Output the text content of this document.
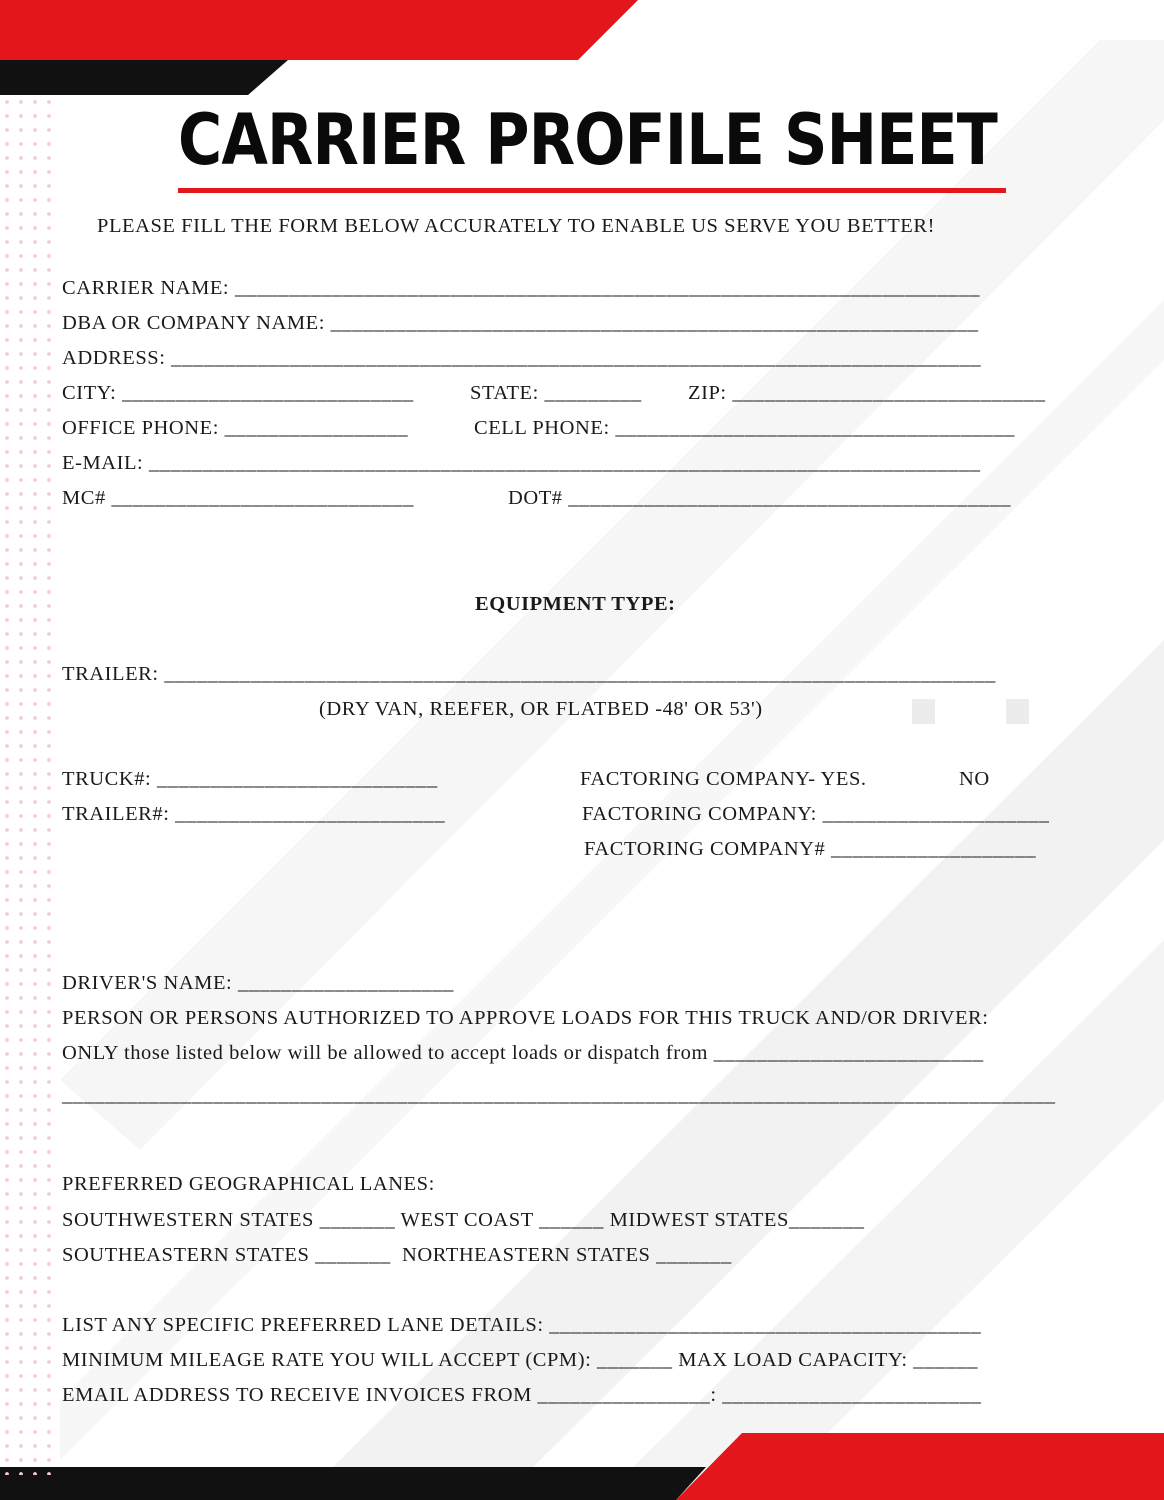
CARRIER PROFILE SHEET
PLEASE FILL THE FORM BELOW ACCURATELY TO ENABLE US SERVE YOU BETTER!
CARRIER NAME: _____________________________________________________________________
DBA OR COMPANY NAME: ____________________________________________________________
ADDRESS: ___________________________________________________________________________
CITY: ___________________________	STATE: _________ ZIP: _____________________________
OFFICE PHONE: _________________	CELL PHONE: _____________________________________
E-MAIL: _____________________________________________________________________________
MC# ____________________________	DOT# _________________________________________
EQUIPMENT TYPE:
TRAILER: _____________________________________________________________________________
(DRY VAN, REEFER, OR FLATBED -48' OR 53')
TRUCK#: __________________________
TRAILER#: _________________________
FACTORING COMPANY- YES.	NO
FACTORING COMPANY: _____________________
FACTORING COMPANY# ___________________
DRIVER'S NAME: ____________________
PERSON OR PERSONS AUTHORIZED TO APPROVE LOADS FOR THIS TRUCK AND/OR DRIVER:
ONLY those listed below will be allowed to accept loads or dispatch from _________________________
____________________________________________________________________________________________
PREFERRED GEOGRAPHICAL LANES:
SOUTHWESTERN STATES _______ WEST COAST ______ MIDWEST STATES_______
SOUTHEASTERN STATES _______  NORTHEASTERN STATES _______
LIST ANY SPECIFIC PREFERRED LANE DETAILS: ________________________________________
MINIMUM MILEAGE RATE YOU WILL ACCEPT (CPM): _______ MAX LOAD CAPACITY: ______
EMAIL ADDRESS TO RECEIVE INVOICES FROM ________________: ________________________
